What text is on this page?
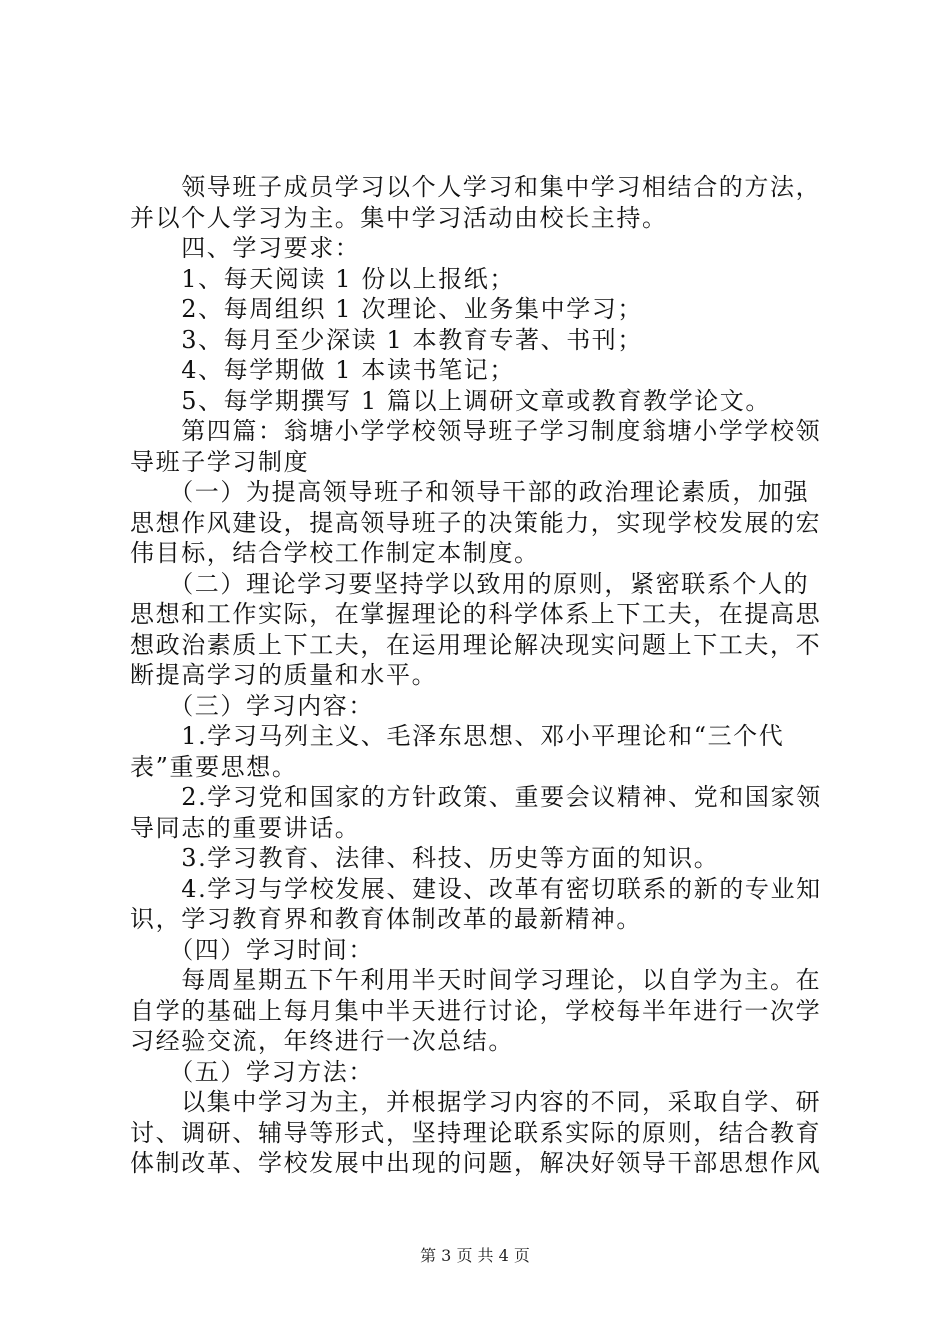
　　领导班子成员学习以个人学习和集中学习相结合的方法，
并以个人学习为主。集中学习活动由校长主持。
　　四、学习要求：
　　1、每天阅读 1 份以上报纸；
　　2、每周组织 1 次理论、业务集中学习；
　　3、每月至少深读 1 本教育专著、书刊；
　　4、每学期做 1 本读书笔记；
　　5、每学期撰写 1 篇以上调研文章或教育教学论文。
　　第四篇：翁塘小学学校领导班子学习制度翁塘小学学校领
导班子学习制度
　　（一）为提高领导班子和领导干部的政治理论素质，加强
思想作风建设，提高领导班子的决策能力，实现学校发展的宏
伟目标，结合学校工作制定本制度。
　　（二）理论学习要坚持学以致用的原则，紧密联系个人的
思想和工作实际，在掌握理论的科学体系上下工夫，在提高思
想政治素质上下工夫，在运用理论解决现实问题上下工夫，不
断提高学习的质量和水平。
　　（三）学习内容：
　　1.学习马列主义、毛泽东思想、邓小平理论和“三个代
表”重要思想。
　　2.学习党和国家的方针政策、重要会议精神、党和国家领
导同志的重要讲话。
　　3.学习教育、法律、科技、历史等方面的知识。
　　4.学习与学校发展、建设、改革有密切联系的新的专业知
识，学习教育界和教育体制改革的最新精神。
　　（四）学习时间：
　　每周星期五下午利用半天时间学习理论，以自学为主。在
自学的基础上每月集中半天进行讨论，学校每半年进行一次学
习经验交流，年终进行一次总结。
　　（五）学习方法：
　　以集中学习为主，并根据学习内容的不同，采取自学、研
讨、调研、辅导等形式，坚持理论联系实际的原则，结合教育
体制改革、学校发展中出现的问题，解决好领导干部思想作风
第 3 页 共 4 页
